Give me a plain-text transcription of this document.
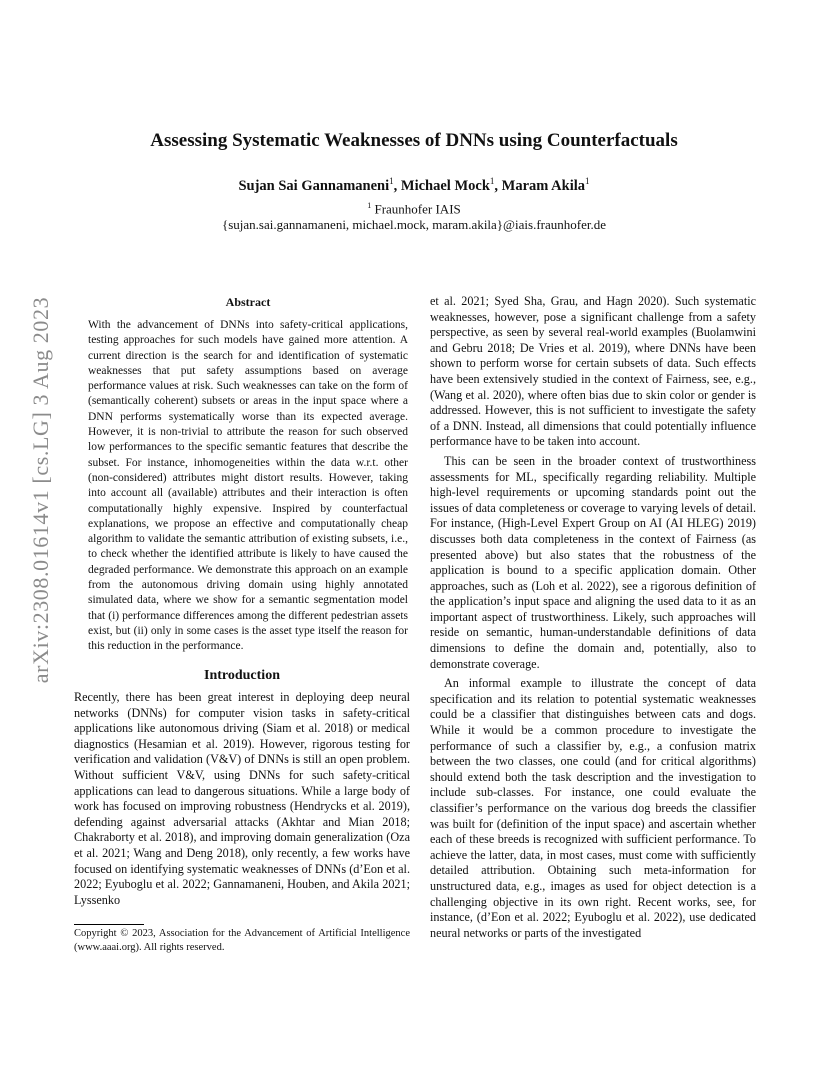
Assessing Systematic Weaknesses of DNNs using Counterfactuals
Sujan Sai Gannamaneni$^1$, Michael Mock$^1$, Maram Akila$^1$
$^1$ Fraunhofer IAIS
{sujan.sai.gannamaneni, michael.mock, maram.akila}@iais.fraunhofer.de
arXiv:2308.01614v1 [cs.LG] 3 Aug 2023	Abstract
With the advancement of DNNs into safety-critical applications, testing approaches for such models have gained more attention. A current direction is the search for and identification of systematic weaknesses that put safety assumptions based on average performance values at risk. Such weaknesses can take on the form of (semantically coherent) subsets or areas in the input space where a DNN performs systematically worse than its expected average. However, it is non-trivial to attribute the reason for such observed low performances to the specific semantic features that describe the subset. For instance, inhomogeneities within the data w.r.t. other (non-considered) attributes might distort results. However, taking into account all (available) attributes and their interaction is often computationally highly expensive. Inspired by counterfactual explanations, we propose an effective and computationally cheap algorithm to validate the semantic attribution of existing subsets, i.e., to check whether the identified attribute is likely to have caused the degraded performance. We demonstrate this approach on an example from the autonomous driving domain using highly annotated simulated data, where we show for a semantic segmentation model that (i) performance differences among the different pedestrian assets exist, but (ii) only in some cases is the asset type itself the reason for this reduction in the performance.
Introduction
Recently, there has been great interest in deploying deep neural networks (DNNs) for computer vision tasks in safety-critical applications like autonomous driving (Siam et al. 2018) or medical diagnostics (Hesamian et al. 2019). However, rigorous testing for verification and validation (V&V) of DNNs is still an open problem. Without sufficient V&V, using DNNs for such safety-critical applications can lead to dangerous situations. While a large body of work has focused on improving robustness (Hendrycks et al. 2019), defending against adversarial attacks (Akhtar and Mian 2018; Chakraborty et al. 2018), and improving domain generalization (Oza et al. 2021; Wang and Deng 2018), only recently, a few works have focused on identifying systematic weaknesses of DNNs (d’Eon et al. 2022; Eyuboglu et al. 2022; Gannamaneni, Houben, and Akila 2021; Lyssenko
Copyright © 2023, Association for the Advancement of Artificial Intelligence (www.aaai.org). All rights reserved.

et al. 2021; Syed Sha, Grau, and Hagn 2020). Such systematic weaknesses, however, pose a significant challenge from a safety perspective, as seen by several real-world examples (Buolamwini and Gebru 2018; De Vries et al. 2019), where DNNs have been shown to perform worse for certain subsets of data. Such effects have been extensively studied in the context of Fairness, see, e.g., (Wang et al. 2020), where often bias due to skin color or gender is addressed. However, this is not sufficient to investigate the safety of a DNN. Instead, all dimensions that could potentially influence performance have to be taken into account.

This can be seen in the broader context of trustworthiness assessments for ML, specifically regarding reliability. Multiple high-level requirements or upcoming standards point out the issues of data completeness or coverage to varying levels of detail. For instance, (High-Level Expert Group on AI (AI HLEG) 2019) discusses both data completeness in the context of Fairness (as presented above) but also states that the robustness of the application is bound to a specific application domain. Other approaches, such as (Loh et al. 2022), see a rigorous definition of the application’s input space and aligning the used data to it as an important aspect of trustworthiness. Likely, such approaches will reside on semantic, human-understandable definitions of data dimensions to define the domain and, potentially, also to demonstrate coverage.

An informal example to illustrate the concept of data specification and its relation to potential systematic weaknesses could be a classifier that distinguishes between cats and dogs. While it would be a common procedure to investigate the performance of such a classifier by, e.g., a confusion matrix between the two classes, one could (and for critical algorithms) should extend both the task description and the investigation to include sub-classes. For instance, one could evaluate the classifier’s performance on the various dog breeds the classifier was built for (definition of the input space) and ascertain whether each of these breeds is recognized with sufficient performance. To achieve the latter, data, in most cases, must come with sufficiently detailed attribution. Obtaining such meta-information for unstructured data, e.g., images as used for object detection is a challenging objective in its own right. Recent works, see, for instance, (d’Eon et al. 2022; Eyuboglu et al. 2022), use dedicated neural networks or parts of the investigated
